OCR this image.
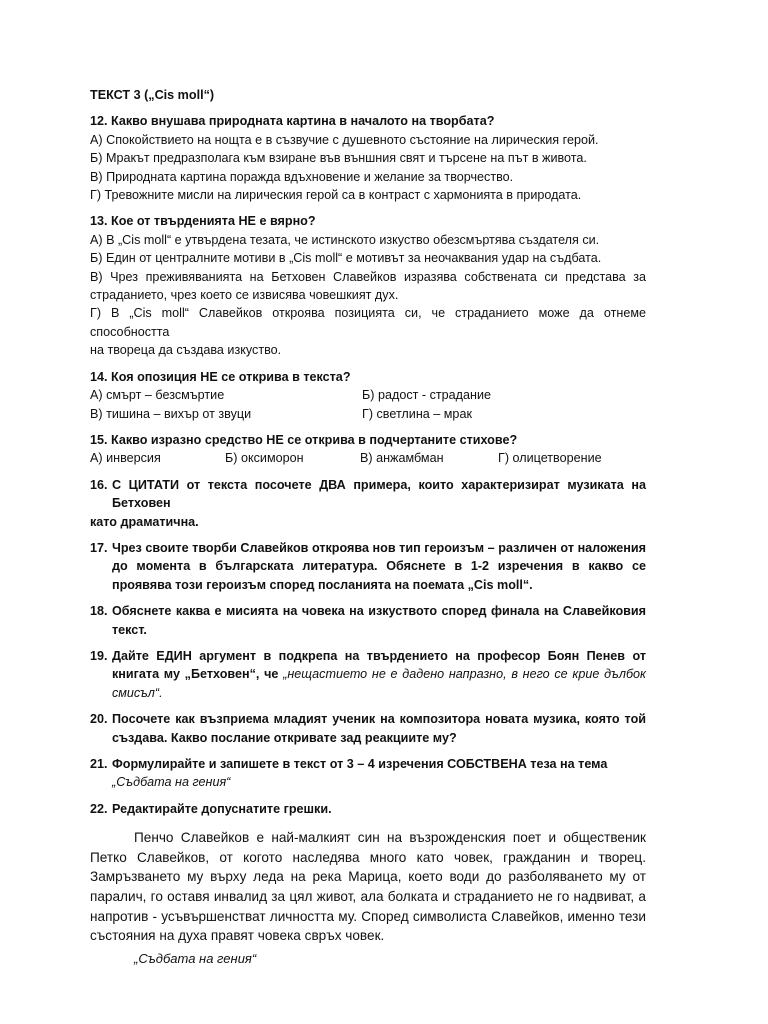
ТЕКСТ 3 („Cis moll“)
12. Какво внушава природната картина в началото на творбата?
А) Спокойствието на нощта е в съзвучие с душевното състояние на лирическия герой.
Б) Мракът предразполага към взиране във външния свят и търсене на път в живота.
В) Природната картина поражда вдъхновение и желание за творчество.
Г) Тревожните мисли на лирическия герой са в контраст с хармонията в природата.
13. Кое от твърденията НЕ е вярно?
А) В „Cis moll“ е утвърдена тезата, че истинското изкуство обезсмъртява създателя си.
Б) Един от централните мотиви в „Cis moll“ е мотивът за неочаквания удар на съдбата.
В) Чрез преживяванията на Бетховен Славейков изразява собствената си представа за страданието, чрез което се извисява човешкият дух.
Г) В „Cis moll“ Славейков откроява позицията си, че страданието може да отнеме способността
на твореца да създава изкуство.
14. Коя опозиция НЕ се открива в текста?
А) смърт – безсмъртие	Б) радост - страдание
В) тишина – вихър от звуци	Г) светлина – мрак
15. Какво изразно средство НЕ се открива в подчертаните стихове?
А) инверсия	Б) оксиморон	В) анжамбман	Г) олицетворение
16. С ЦИТАТИ от текста посочете ДВА примера, които характеризират музиката на Бетховен
като драматична.
17. Чрез своите творби Славейков откроява нов тип героизъм – различен от наложения до момента в българската литература. Обяснете в 1-2 изречения в какво се проявява този героизъм според посланията на поемата „Cis moll“.
18. Обяснете каква е мисията на човека на изкуството според финала на Славейковия текст.
19. Дайте ЕДИН аргумент в подкрепа на твърдението на професор Боян Пенев от книгата му „Бетховен“, че „нещастието не е дадено напразно, в него се крие дълбок смисъл“.
20. Посочете как възприема младият ученик на композитора новата музика, която той създава. Какво послание откривате зад реакциите му?
21. Формулирайте и запишете в текст от 3 – 4 изречения СОБСТВЕНА теза на тема
„Съдбата на гения“
22. Редактирайте допуснатите грешки.
Пенчо Славейков е най-малкият син на възрожденския поет и общественик Петко Славейков, от когото наследява много като човек, гражданин и творец. Замръзването му върху леда на река Марица, което води до разболяването му от паралич, го оставя инвалид за цял живот, ала болката и страданието не го надвиват, а напротив - усъвършенстват личността му. Според символиста Славейков, именно тези състояния на духа правят човека свръх човек.
„Съдбата на гения“
